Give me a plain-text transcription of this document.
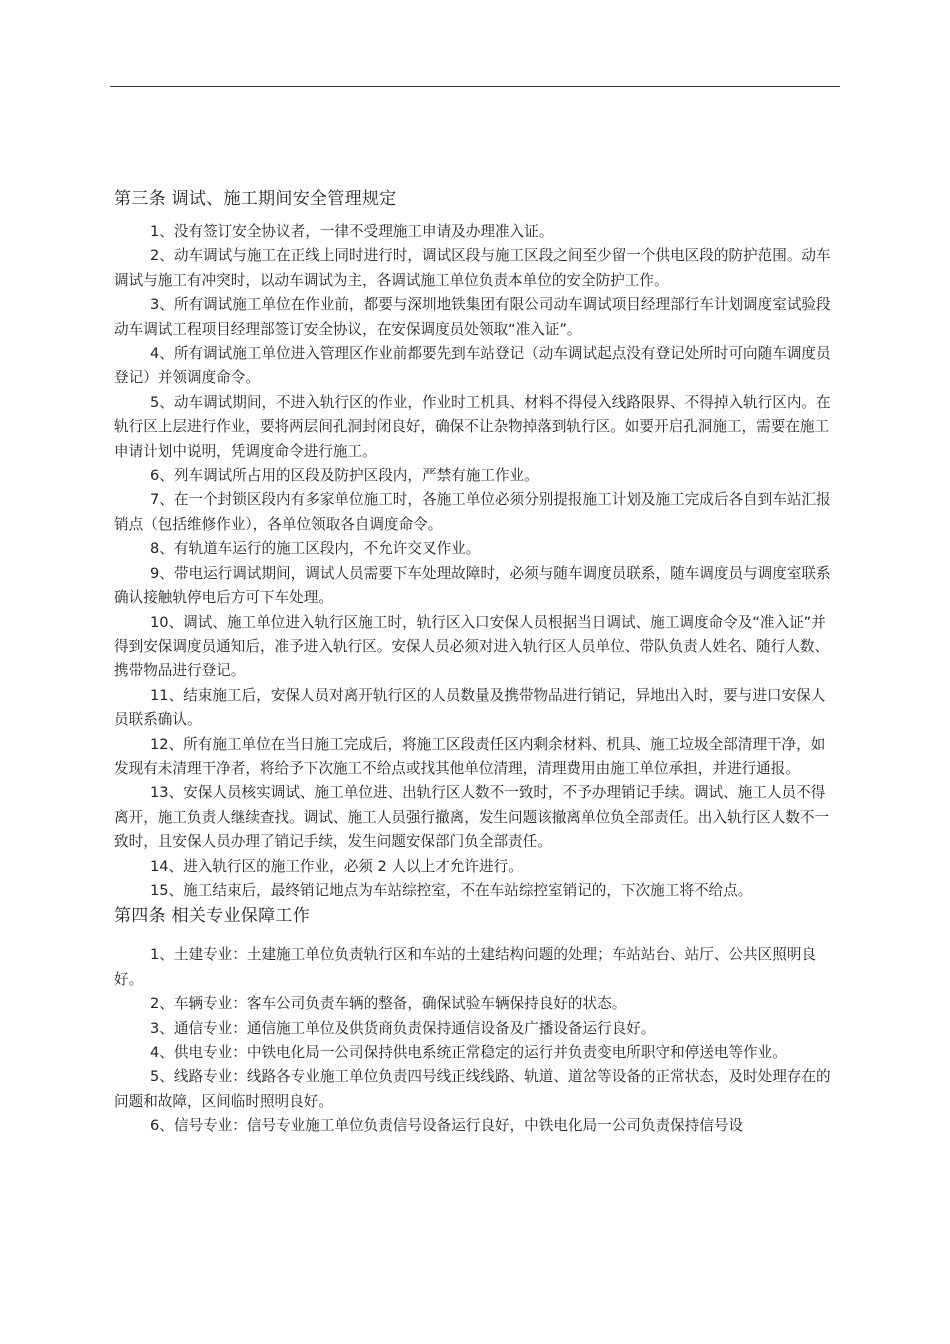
第三条 调试、施工期间安全管理规定

1、没有签订安全协议者，一律不受理施工申请及办理准入证。

2、动车调试与施工在正线上同时进行时，调试区段与施工区段之间至少留一个供电区段的防护范围。动车调试与施工有冲突时，以动车调试为主，各调试施工单位负责本单位的安全防护工作。

3、所有调试施工单位在作业前，都要与深圳地铁集团有限公司动车调试项目经理部行车计划调度室试验段动车调试工程项目经理部签订安全协议，在安保调度员处领取“准入证”。

4、所有调试施工单位进入管理区作业前都要先到车站登记（动车调试起点没有登记处所时可向随车调度员登记）并领调度命令。

5、动车调试期间，不进入轨行区的作业，作业时工机具、材料不得侵入线路限界、不得掉入轨行区内。在轨行区上层进行作业，要将两层间孔洞封闭良好，确保不让杂物掉落到轨行区。如要开启孔洞施工，需要在施工申请计划中说明，凭调度命令进行施工。

6、列车调试所占用的区段及防护区段内，严禁有施工作业。

7、在一个封锁区段内有多家单位施工时，各施工单位必须分别提报施工计划及施工完成后各自到车站汇报销点（包括维修作业），各单位领取各自调度命令。

8、有轨道车运行的施工区段内，不允许交叉作业。

9、带电运行调试期间，调试人员需要下车处理故障时，必须与随车调度员联系，随车调度员与调度室联系确认接触轨停电后方可下车处理。

10、调试、施工单位进入轨行区施工时，轨行区入口安保人员根据当日调试、施工调度命令及“准入证”并得到安保调度员通知后，准予进入轨行区。安保人员必须对进入轨行区人员单位、带队负责人姓名、随行人数、携带物品进行登记。

11、结束施工后，安保人员对离开轨行区的人员数量及携带物品进行销记，异地出入时，要与进口安保人员联系确认。

12、所有施工单位在当日施工完成后，将施工区段责任区内剩余材料、机具、施工垃圾全部清理干净，如发现有未清理干净者，将给予下次施工不给点或找其他单位清理，清理费用由施工单位承担，并进行通报。

13、安保人员核实调试、施工单位进、出轨行区人数不一致时，不予办理销记手续。调试、施工人员不得离开，施工负责人继续查找。调试、施工人员强行撤离，发生问题该撤离单位负全部责任。出入轨行区人数不一致时，且安保人员办理了销记手续，发生问题安保部门负全部责任。

14、进入轨行区的施工作业，必须 2 人以上才允许进行。

15、施工结束后，最终销记地点为车站综控室，不在车站综控室销记的，下次施工将不给点。

第四条 相关专业保障工作

1、土建专业：土建施工单位负责轨行区和车站的土建结构问题的处理；车站站台、站厅、公共区照明良好。

2、车辆专业：客车公司负责车辆的整备，确保试验车辆保持良好的状态。

3、通信专业：通信施工单位及供货商负责保持通信设备及广播设备运行良好。

4、供电专业：中铁电化局一公司保持供电系统正常稳定的运行并负责变电所职守和停送电等作业。

5、线路专业：线路各专业施工单位负责四号线正线线路、轨道、道岔等设备的正常状态，及时处理存在的问题和故障，区间临时照明良好。

6、信号专业：信号专业施工单位负责信号设备运行良好，中铁电化局一公司负责保持信号设
